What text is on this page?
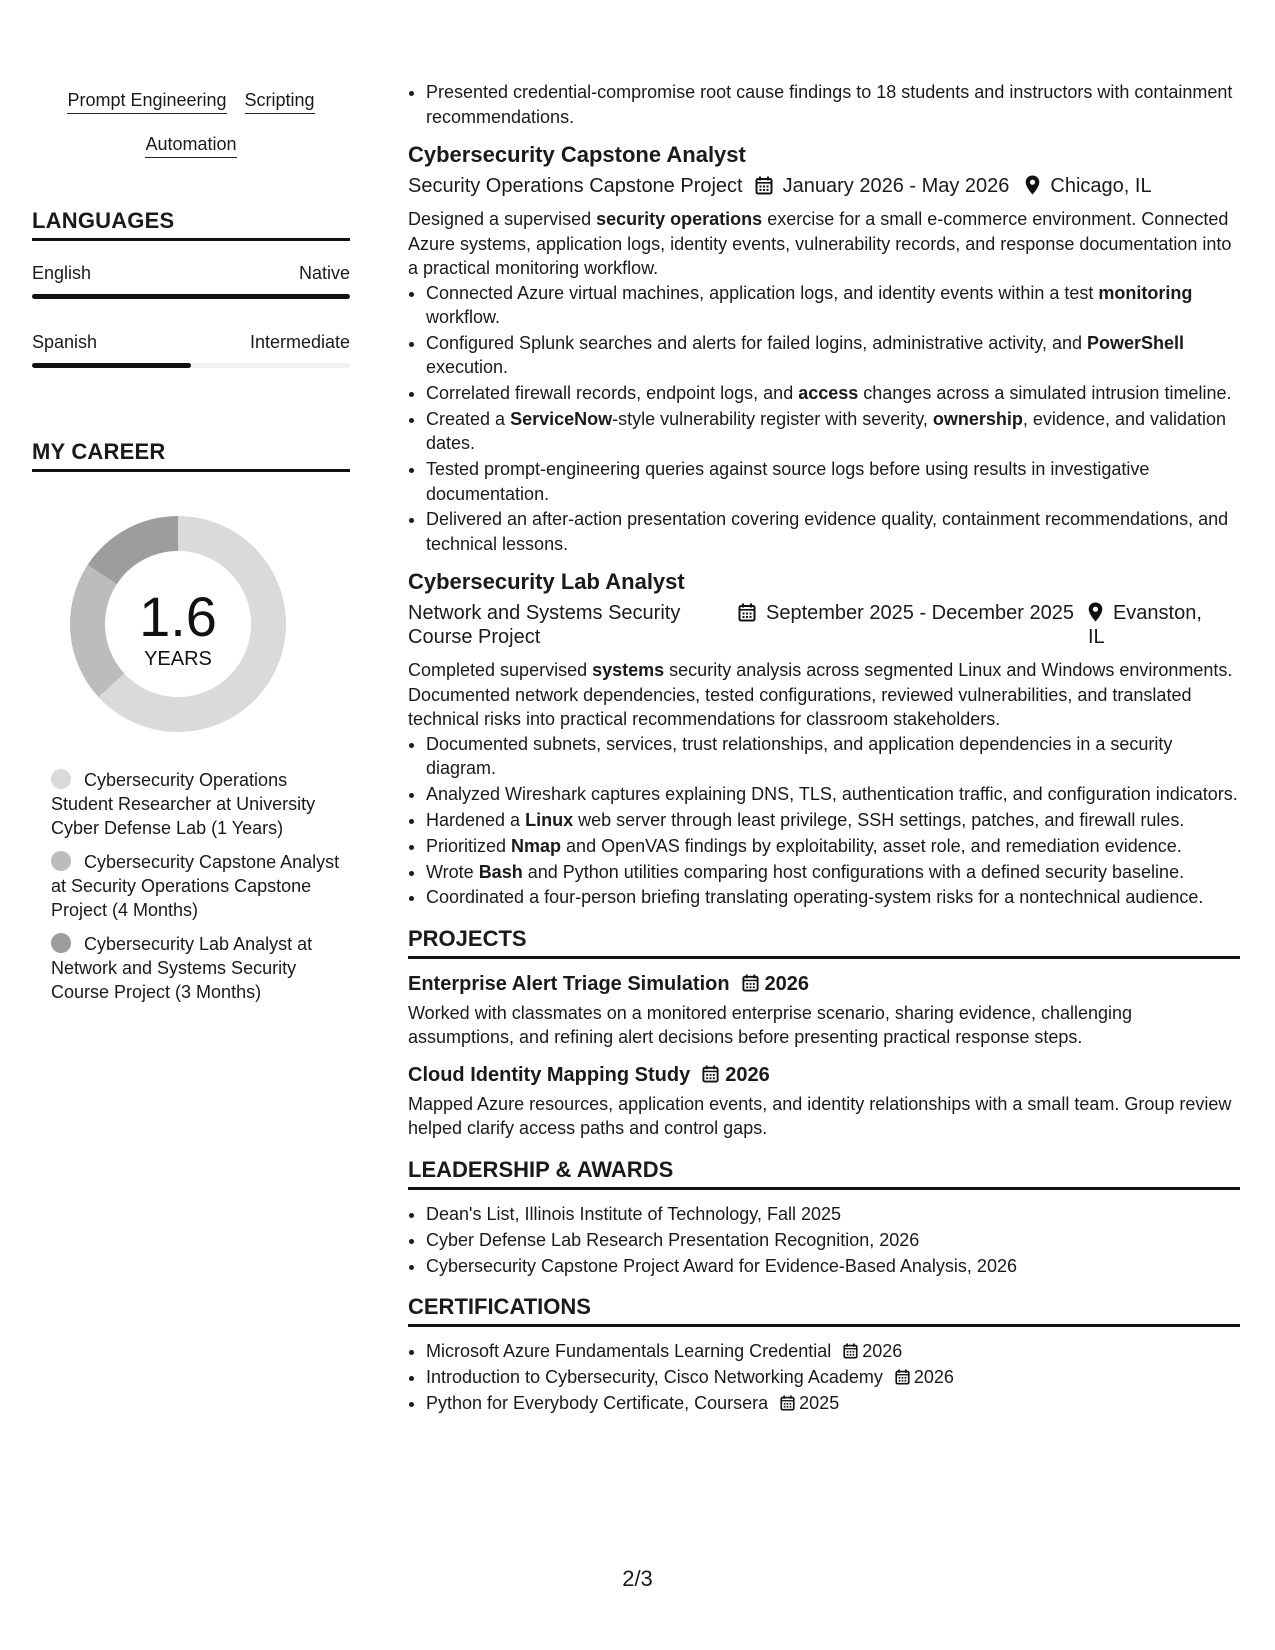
Prompt Engineering Scripting
Automation
LANGUAGES
English	Native
Spanish	Intermediate
MY CAREER
1.6
YEARS
Cybersecurity Operations Student Researcher at University Cyber Defense Lab (1 Years)
Cybersecurity Capstone Analyst at Security Operations Capstone Project (4 Months)
Cybersecurity Lab Analyst at Network and Systems Security Course Project (3 Months)
• Presented credential-compromise root cause findings to 18 students and instructors with containment recommendations.
Cybersecurity Capstone Analyst
Security Operations Capstone Project	January 2026 - May 2026	Chicago, IL

Designed a supervised security operations exercise for a small e-commerce environment. Connected Azure systems, application logs, identity events, vulnerability records, and response documentation into a practical monitoring workflow.

• Connected Azure virtual machines, application logs, and identity events within a test monitoring workflow.
• Configured Splunk searches and alerts for failed logins, administrative activity, and PowerShell execution.
• Correlated firewall records, endpoint logs, and access changes across a simulated intrusion timeline.
• Created a ServiceNow-style vulnerability register with severity, ownership, evidence, and validation dates.
• Tested prompt-engineering queries against source logs before using results in investigative documentation.
• Delivered an after-action presentation covering evidence quality, containment recommendations, and technical lessons.
Cybersecurity Lab Analyst
Network and Systems Security Course Project
September 2025 - December 2025	Evanston, IL

Completed supervised systems security analysis across segmented Linux and Windows environments. Documented network dependencies, tested configurations, reviewed vulnerabilities, and translated technical risks into practical recommendations for classroom stakeholders.

• Documented subnets, services, trust relationships, and application dependencies in a security diagram.
• Analyzed Wireshark captures explaining DNS, TLS, authentication traffic, and configuration indicators.
• Hardened a Linux web server through least privilege, SSH settings, patches, and firewall rules.
• Prioritized Nmap and OpenVAS findings by exploitability, asset role, and remediation evidence.
• Wrote Bash and Python utilities comparing host configurations with a defined security baseline.
• Coordinated a four-person briefing translating operating-system risks for a nontechnical audience.
PROJECTS
Enterprise Alert Triage Simulation 2026

Worked with classmates on a monitored enterprise scenario, sharing evidence, challenging assumptions, and refining alert decisions before presenting practical response steps.

Cloud Identity Mapping Study 2026

Mapped Azure resources, application events, and identity relationships with a small team. Group review helped clarify access paths and control gaps.

LEADERSHIP & AWARDS
• Dean's List, Illinois Institute of Technology, Fall 2025
• Cyber Defense Lab Research Presentation Recognition, 2026
• Cybersecurity Capstone Project Award for Evidence-Based Analysis, 2026
CERTIFICATIONS
• Microsoft Azure Fundamentals Learning Credential 2026
• Introduction to Cybersecurity, Cisco Networking Academy 2026
• Python for Everybody Certificate, Coursera 2025
2/3
